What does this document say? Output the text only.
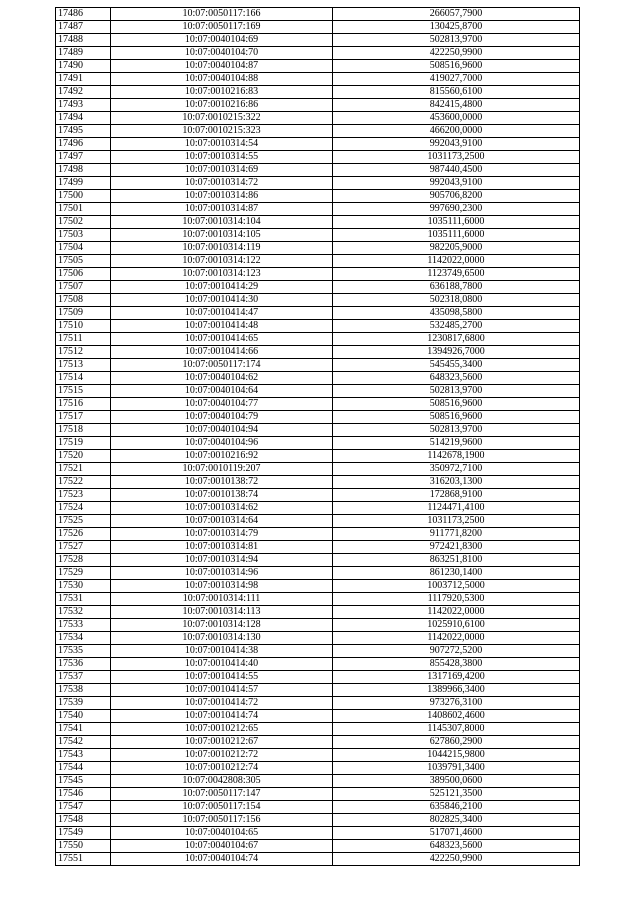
17486	10:07:0050117:166	266057,7900
17487	10:07:0050117:169	130425,8700
17488	10:07:0040104:69	502813,9700
17489	10:07:0040104:70	422250,9900
17490	10:07:0040104:87	508516,9600
17491	10:07:0040104:88	419027,7000
17492	10:07:0010216:83	815560,6100
17493	10:07:0010216:86	842415,4800
17494	10:07:0010215:322	453600,0000
17495	10:07:0010215:323	466200,0000
17496	10:07:0010314:54	992043,9100
17497	10:07:0010314:55	1031173,2500
17498	10:07:0010314:69	987440,4500
17499	10:07:0010314:72	992043,9100
17500	10:07:0010314:86	905706,8200
17501	10:07:0010314:87	997690,2300
17502	10:07:0010314:104	1035111,6000
17503	10:07:0010314:105	1035111,6000
17504	10:07:0010314:119	982205,9000
17505	10:07:0010314:122	1142022,0000
17506	10:07:0010314:123	1123749,6500
17507	10:07:0010414:29	636188,7800
17508	10:07:0010414:30	502318,0800
17509	10:07:0010414:47	435098,5800
17510	10:07:0010414:48	532485,2700
17511	10:07:0010414:65	1230817,6800
17512	10:07:0010414:66	1394926,7000
17513	10:07:0050117:174	545455,3400
17514	10:07:0040104:62	648323,5600
17515	10:07:0040104:64	502813,9700
17516	10:07:0040104:77	508516,9600
17517	10:07:0040104:79	508516,9600
17518	10:07:0040104:94	502813,9700
17519	10:07:0040104:96	514219,9600
17520	10:07:0010216:92	1142678,1900
17521	10:07:0010119:207	350972,7100
17522	10:07:0010138:72	316203,1300
17523	10:07:0010138:74	172868,9100
17524	10:07:0010314:62	1124471,4100
17525	10:07:0010314:64	1031173,2500
17526	10:07:0010314:79	911771,8200
17527	10:07:0010314:81	972421,8300
17528	10:07:0010314:94	863251,8100
17529	10:07:0010314:96	861230,1400
17530	10:07:0010314:98	1003712,5000
17531	10:07:0010314:111	1117920,5300
17532	10:07:0010314:113	1142022,0000
17533	10:07:0010314:128	1025910,6100
17534	10:07:0010314:130	1142022,0000
17535	10:07:0010414:38	907272,5200
17536	10:07:0010414:40	855428,3800
17537	10:07:0010414:55	1317169,4200
17538	10:07:0010414:57	1389966,3400
17539	10:07:0010414:72	973276,3100
17540	10:07:0010414:74	1408602,4600
17541	10:07:0010212:65	1145307,8000
17542	10:07:0010212:67	627860,2900
17543	10:07:0010212:72	1044215,9800
17544	10:07:0010212:74	1039791,3400
17545	10:07:0042808:305	389500,0600
17546	10:07:0050117:147	525121,3500
17547	10:07:0050117:154	635846,2100
17548	10:07:0050117:156	802825,3400
17549	10:07:0040104:65	517071,4600
17550	10:07:0040104:67	648323,5600
17551	10:07:0040104:74	422250,9900
